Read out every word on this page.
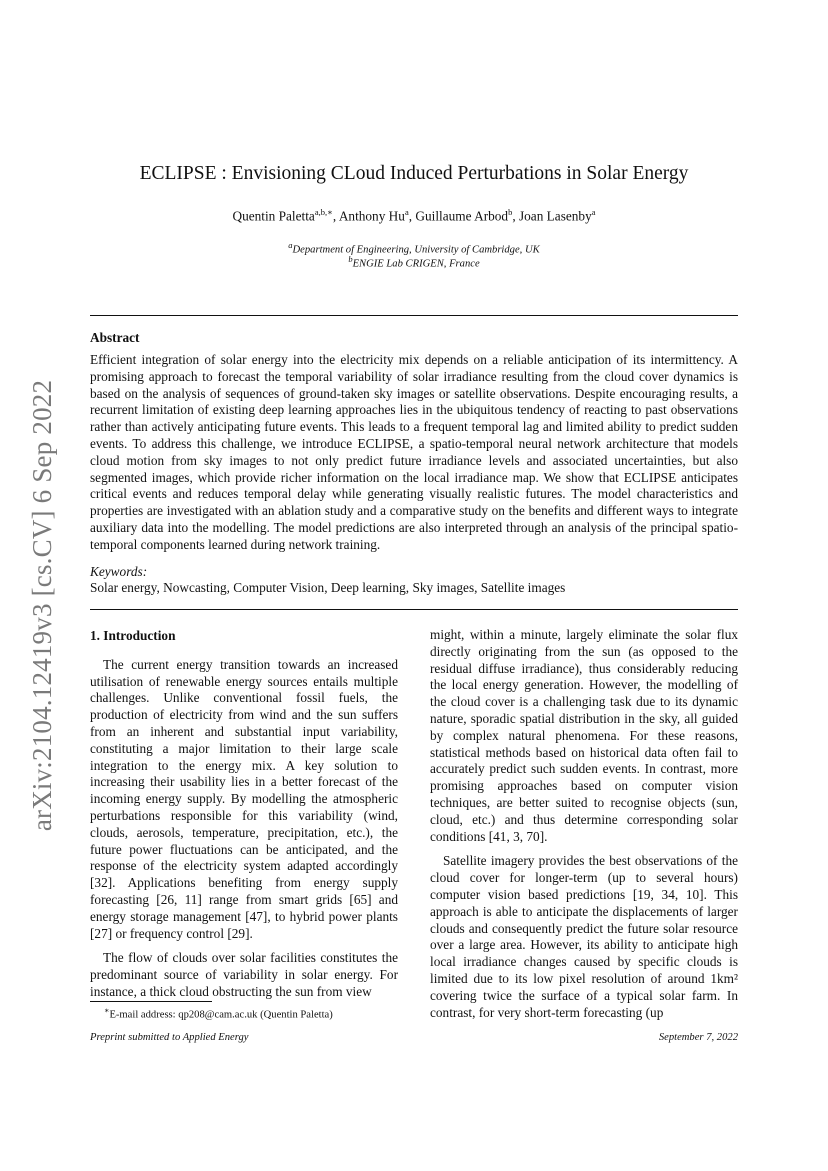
arXiv:2104.12419v3 [cs.CV] 6 Sep 2022
ECLIPSE : Envisioning CLoud Induced Perturbations in Solar Energy
Quentin Paletta$^{a,b,∗}$, Anthony Hu$^a$, Guillaume Arbod$^b$, Joan Lasenby$^a$
$^a$Department of Engineering, University of Cambridge, UK
$^b$ENGIE Lab CRIGEN, France
Abstract

Efficient integration of solar energy into the electricity mix depends on a reliable anticipation of its intermittency. A promising approach to forecast the temporal variability of solar irradiance resulting from the cloud cover dynamics is based on the analysis of sequences of ground-taken sky images or satellite observations. Despite encouraging results, a recurrent limitation of existing deep learning approaches lies in the ubiquitous tendency of reacting to past observations rather than actively anticipating future events. This leads to a frequent temporal lag and limited ability to predict sudden events. To address this challenge, we introduce ECLIPSE, a spatio-temporal neural network architecture that models cloud motion from sky images to not only predict future irradiance levels and associated uncertainties, but also segmented images, which provide richer information on the local irradiance map. We show that ECLIPSE anticipates critical events and reduces temporal delay while generating visually realistic futures. The model characteristics and properties are investigated with an ablation study and a comparative study on the benefits and different ways to integrate auxiliary data into the modelling. The model predictions are also interpreted through an analysis of the principal spatio-temporal components learned during network training.

Keywords:
Solar energy, Nowcasting, Computer Vision, Deep learning, Sky images, Satellite images
1. Introduction

The current energy transition towards an increased utilisation of renewable energy sources entails multiple challenges. Unlike conventional fossil fuels, the production of electricity from wind and the sun suffers from an inherent and substantial input variability, constituting a major limitation to their large scale integration to the energy mix. A key solution to increasing their usability lies in a better forecast of the incoming energy supply. By modelling the atmospheric perturbations responsible for this variability (wind, clouds, aerosols, temperature, precipitation, etc.), the future power fluctuations can be anticipated, and the response of the electricity system adapted accordingly [32]. Applications benefiting from energy supply forecasting [26, 11] range from smart grids [65] and energy storage management [47], to hybrid power plants [27] or frequency control [29].

The flow of clouds over solar facilities constitutes the predominant source of variability in solar energy. For instance, a thick cloud obstructing the sun from view

might, within a minute, largely eliminate the solar flux directly originating from the sun (as opposed to the residual diffuse irradiance), thus considerably reducing the local energy generation. However, the modelling of the cloud cover is a challenging task due to its dynamic nature, sporadic spatial distribution in the sky, all guided by complex natural phenomena. For these reasons, statistical methods based on historical data often fail to accurately predict such sudden events. In contrast, more promising approaches based on computer vision techniques, are better suited to recognise objects (sun, cloud, etc.) and thus determine corresponding solar conditions [41, 3, 70].

Satellite imagery provides the best observations of the cloud cover for longer-term (up to several hours) computer vision based predictions [19, 34, 10]. This approach is able to anticipate the displacements of larger clouds and consequently predict the future solar resource over a large area. However, its ability to anticipate high local irradiance changes caused by specific clouds is limited due to its low pixel resolution of around 1km² covering twice the surface of a typical solar farm. In contrast, for very short-term forecasting (up

∗E-mail address: qp208@cam.ac.uk (Quentin Paletta)
Preprint submitted to Applied Energy	September 7, 2022
